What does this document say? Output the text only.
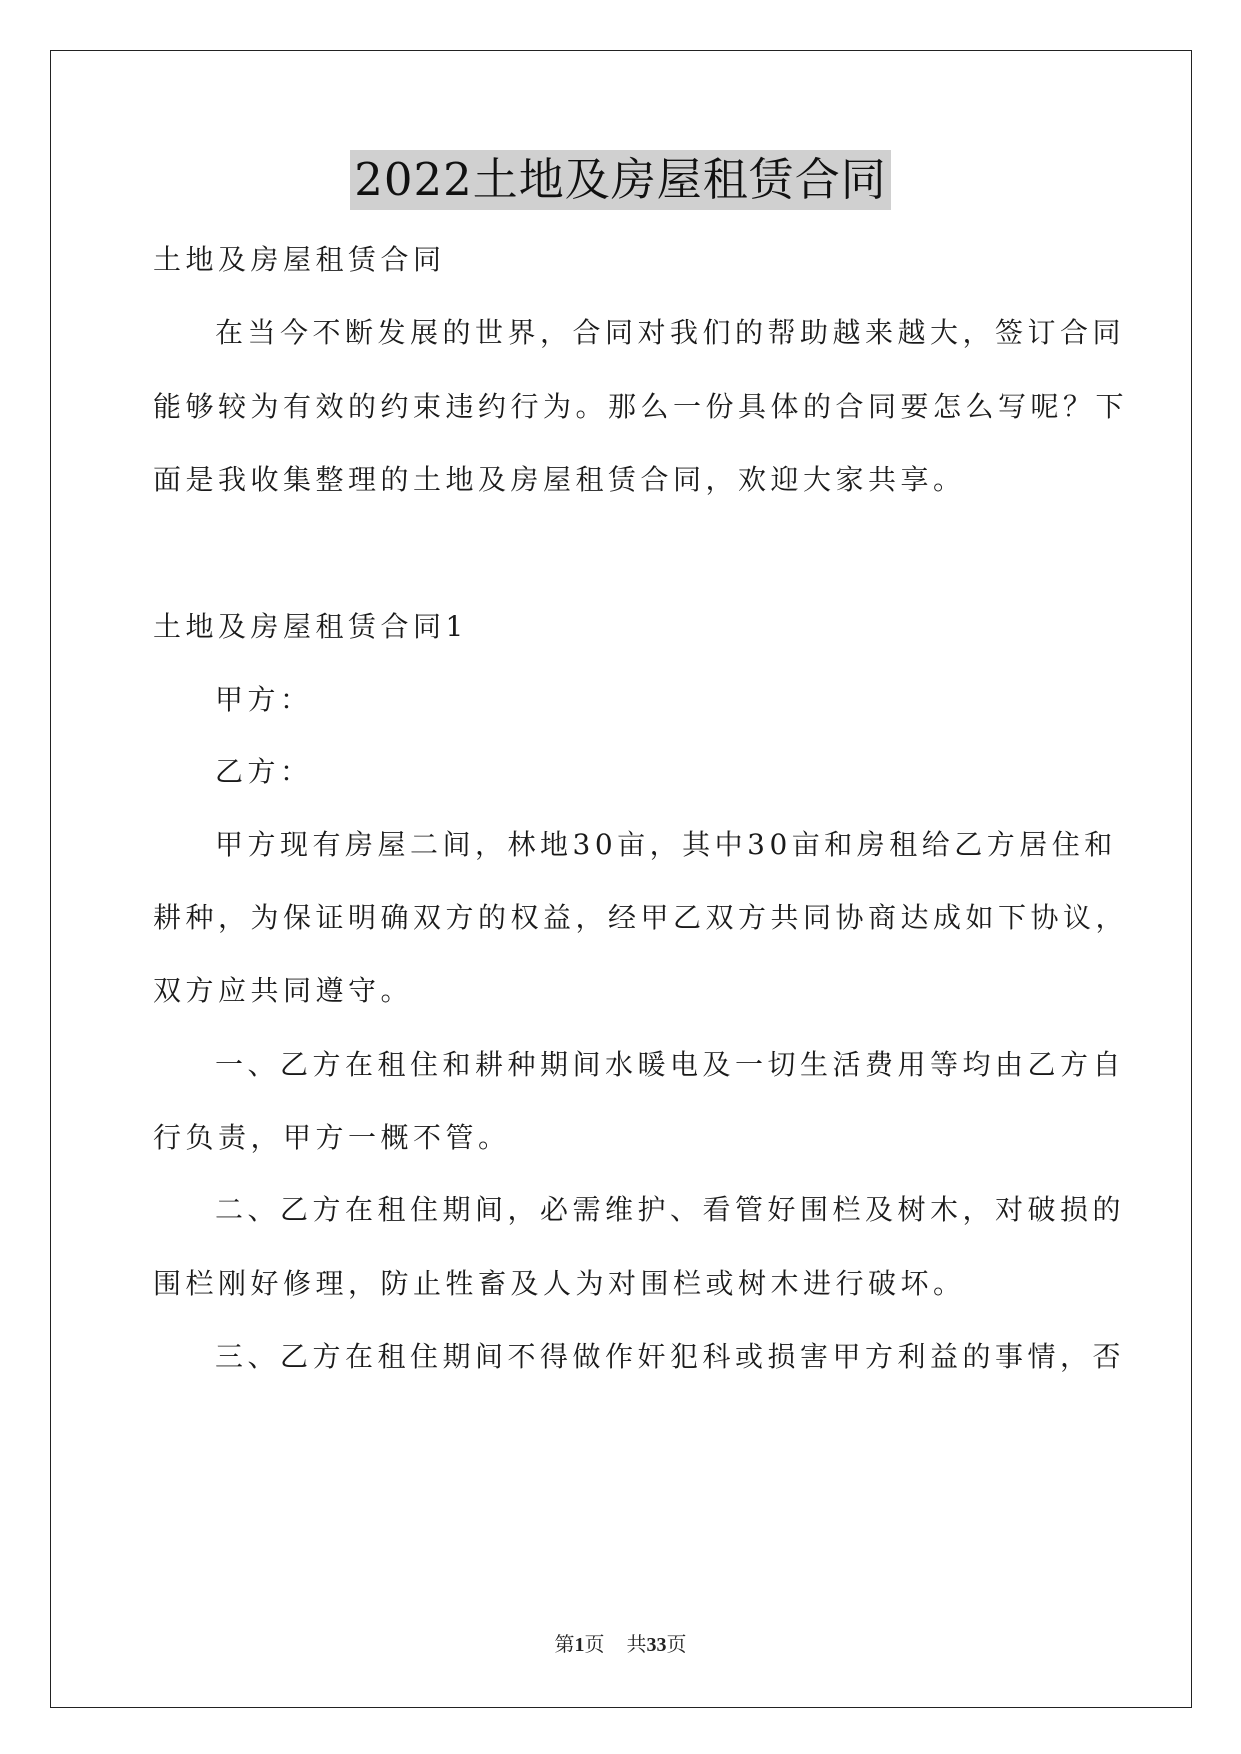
2022土地及房屋租赁合同
土地及房屋租赁合同
在当今不断发展的世界，合同对我们的帮助越来越大，签订合同
能够较为有效的约束违约行为。那么一份具体的合同要怎么写呢？下
面是我收集整理的土地及房屋租赁合同，欢迎大家共享。
土地及房屋租赁合同1
甲方：
乙方：
甲方现有房屋二间，林地30亩，其中30亩和房租给乙方居住和
耕种，为保证明确双方的权益，经甲乙双方共同协商达成如下协议，
双方应共同遵守。
一、乙方在租住和耕种期间水暖电及一切生活费用等均由乙方自
行负责，甲方一概不管。
二、乙方在租住期间，必需维护、看管好围栏及树木，对破损的
围栏刚好修理，防止牲畜及人为对围栏或树木进行破坏。
三、乙方在租住期间不得做作奸犯科或损害甲方利益的事情，否
第1页 共33页
